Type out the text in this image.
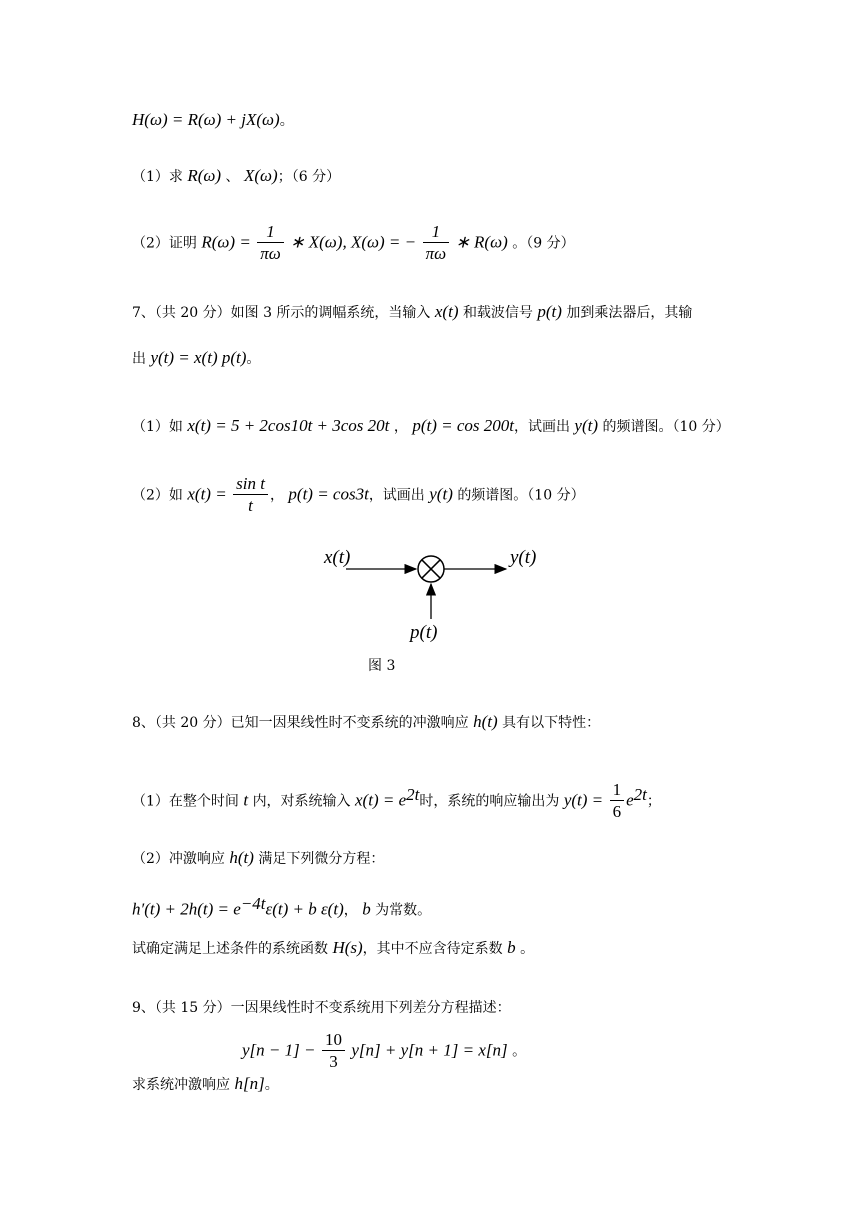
H(ω) = R(ω) + jX(ω)。
（1）求 R(ω) 、 X(ω)；（6 分）
（2）证明 $R(\omega) = \frac{1}{\pi\omega}$ ∗ X(ω), X(ω) = − $\frac{1}{\pi\omega}$ ∗ R(ω) 。（9 分）
7、（共 20 分）如图 3 所示的调幅系统，当输入 x(t) 和载波信号 p(t) 加到乘法器后，其输
出 y(t) = x(t) p(t)。
（1）如 x(t) = 5 + 2cos10t + 3cos 20t ， p(t) = cos 200t，试画出 y(t) 的频谱图。（10 分）
（2）如 $x(t) = \frac{\text{sin t}}{t}$ ， p(t) = cos3t，试画出 y(t) 的频谱图。（10 分）
x(t)	y(t)
p(t)
图 3
8、（共 20 分）已知一因果线性时不变系统的冲激响应 h(t) 具有以下特性：
（1）在整个时间 t 内，对系统输入 $x(t) = e^{2t}$时，系统的响应输出为 $y(t) = \frac{1}{6} e^{2t}$；
（2）冲激响应 h(t) 满足下列微分方程：
$h'(t) + 2h(t) = e^{-4t}\varepsilon(t) + b$ ε(t)， b 为常数。
试确定满足上述条件的系统函数 H(s)，其中不应含待定系数 b 。
9、（共 15 分）一因果线性时不变系统用下列差分方程描述：
$y[n - 1] - \frac{10}{3} y[n] + y[n + 1] = x[n]$ 。
求系统冲激响应 h[n]。
